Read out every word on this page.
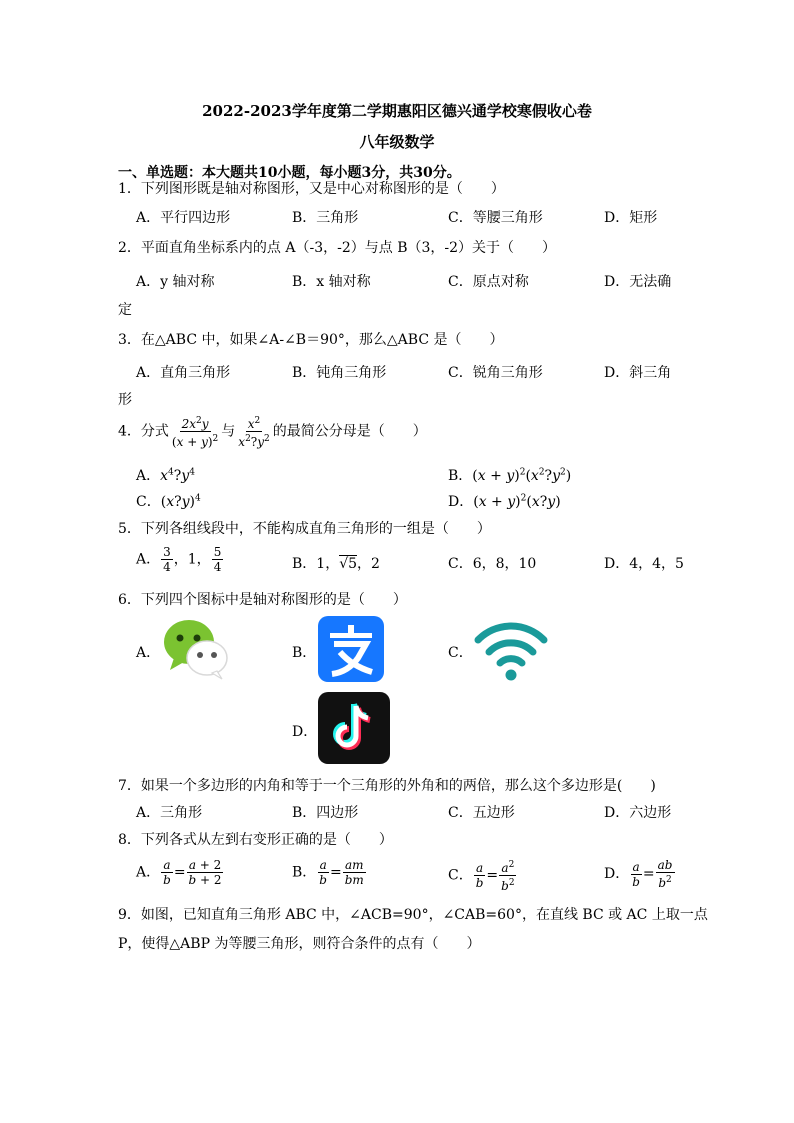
2022-2023学年度第二学期惠阳区德兴通学校寒假收心卷
八年级数学
一、单选题：本大题共10小题，每小题3分，共30分。
1．下列图形既是轴对称图形，又是中心对称图形的是（　　）
A．平行四边形	B．三角形	C．等腰三角形	D．矩形
2．平面直角坐标系内的点 A（-3，-2）与点 B（3，-2）关于（　　）
A．y 轴对称	B．x 轴对称	C．原点对称	D．无法确
定
3．在△ABC 中，如果∠A-∠B＝90°，那么△ABC 是（　　）
A．直角三角形	B．钝角三角形	C．锐角三角形	D．斜三角
形
4．分式 $\frac{2x^2y}{(x + y)^2}$ 与 $\frac{x^2}{x^2?y^2}$ 的最简公分母是（　　）
A．$x^4?y^4$	B．$(x + y)^2(x^2?y^2)$
C．(x?y)$^4$	D．$(x + y)^2(x?y)$
5．下列各组线段中，不能构成直角三角形的一组是（　　）
A． $\frac{3}{4}$ ，1， $\frac{5}{4}$	B．1，√5，2	C．6，8，10	D．4，4，5
6．下列四个图标中是轴对称图形的是（　　）
A．	B．	C．
D．
7．如果一个多边形的内角和等于一个三角形的外角和的两倍，那么这个多边形是(　　)
A．三角形	B．四边形	C．五边形	D．六边形
8．下列各式从左到右变形正确的是（　　）
A． $\frac{a}{b} = \frac{a + 2}{b + 2}$	B． $\frac{a}{b} = \frac{am}{bm}$	C． $\frac{a}{b} = \frac{a^2}{b^2}$	D． $\frac{a}{b} = \frac{ab}{b^2}$
9．如图，已知直角三角形 ABC 中，∠ACB=90°，∠CAB=60°，在直线 BC 或 AC 上取一点
P，使得△ABP 为等腰三角形，则符合条件的点有（　　）
